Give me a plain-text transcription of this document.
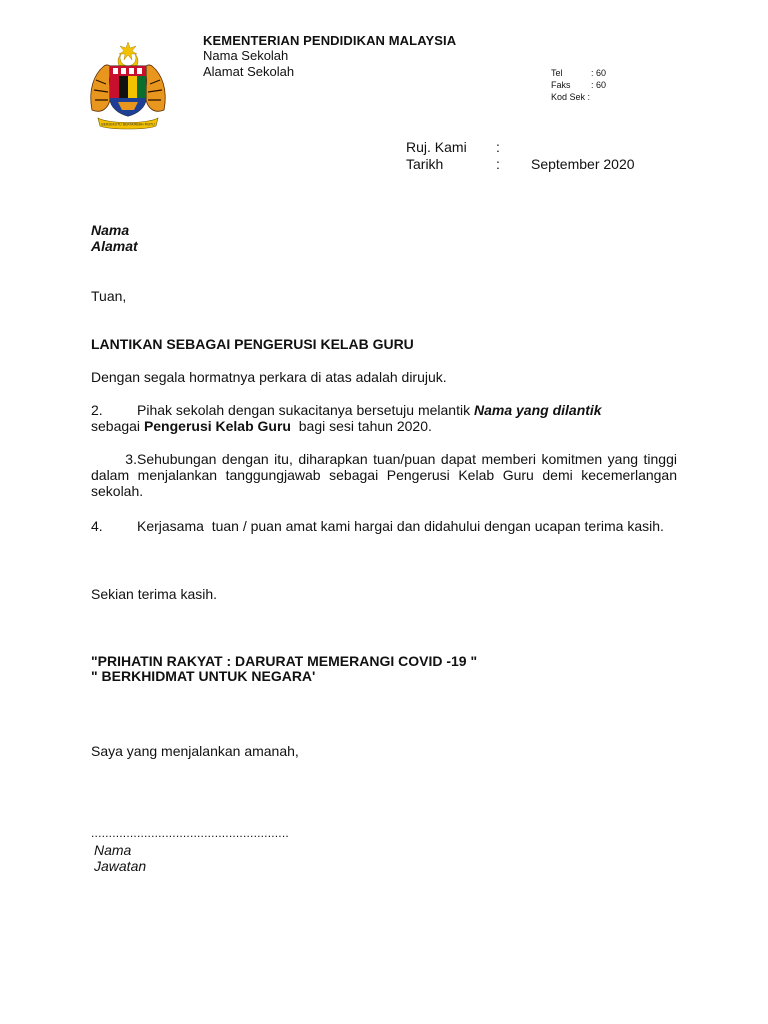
BERSEKUTU BERTAMBAH MUTU
KEMENTERIAN PENDIDIKAN MALAYSIA
Nama Sekolah
Alamat Sekolah	Tel	: 60
Faks : 60
Kod Sek :
Ruj. Kami :
Tarikh	: September 2020
Nama
Alamat
Tuan,
LANTIKAN SEBAGAI PENGERUSI KELAB GURU
Dengan segala hormatnya perkara di atas adalah dirujuk.
2. Pihak sekolah dengan sukacitanya bersetuju melantik Nama yang dilantik
sebagai Pengerusi Kelab Guru  bagi sesi tahun 2020.
3.Sehubungan dengan itu, diharapkan tuan/puan dapat memberi komitmen yang tinggi
dalam menjalankan tanggungjawab sebagai Pengerusi Kelab Guru demi kecemerlangan
sekolah.
4. Kerjasama  tuan / puan amat kami hargai dan didahului dengan ucapan terima kasih.
Sekian terima kasih.
"PRIHATIN RAKYAT : DARURAT MEMERANGI COVID -19 "
" BERKHIDMAT UNTUK NEGARA'
Saya yang menjalankan amanah,
........................................................
Nama
Jawatan
